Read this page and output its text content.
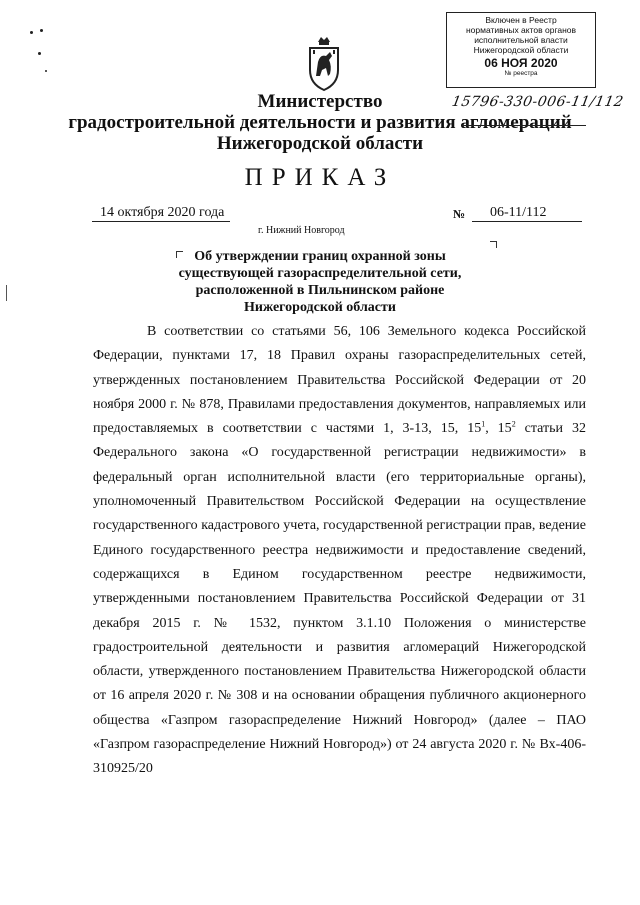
Включен в Реестр
нормативных актов органов
исполнительной власти
Нижегородской области
06 НОЯ 2020
№ реестра
15796-330-006-11/112
Министерство
градостроительной деятельности и развития агломераций
Нижегородской области
ПРИКАЗ
14 октября 2020 года	№ 06-11/112
г. Нижний Новгород
Об утверждении границ охранной зоны
существующей газораспределительной сети,
расположенной в Пильнинском районе
Нижегородской области

В соответствии со статьями 56, 106 Земельного кодекса Российской Федерации, пунктами 17, 18 Правил охраны газораспределительных сетей, утвержденных постановлением Правительства Российской Федерации от 20 ноября 2000 г. № 878, Правилами предоставления документов, направляемых или предоставляемых в соответствии с частями 1, 3-13, 15, $15^1$, $15^2$ статьи 32 Федерального закона «О государственной регистрации недвижимости» в федеральный орган исполнительной власти (его территориальные органы), уполномоченный Правительством Российской Федерации на осуществление государственного кадастрового учета, государственной регистрации прав, ведение Единого государственного реестра недвижимости и предоставление сведений, содержащихся в Едином государственном реестре недвижимости, утвержденными постановлением Правительства Российской Федерации от 31 декабря 2015 г. № 1532, пунктом 3.1.10 Положения о министерстве градостроительной деятельности и развития агломераций Нижегородской области, утвержденного постановлением Правительства Нижегородской области от 16 апреля 2020 г. № 308 и на основании обращения публичного акционерного общества «Газпром газораспределение Нижний Новгород» (далее – ПАО «Газпром газораспределение Нижний Новгород») от 24 августа 2020 г. № Вх-406-310925/20
